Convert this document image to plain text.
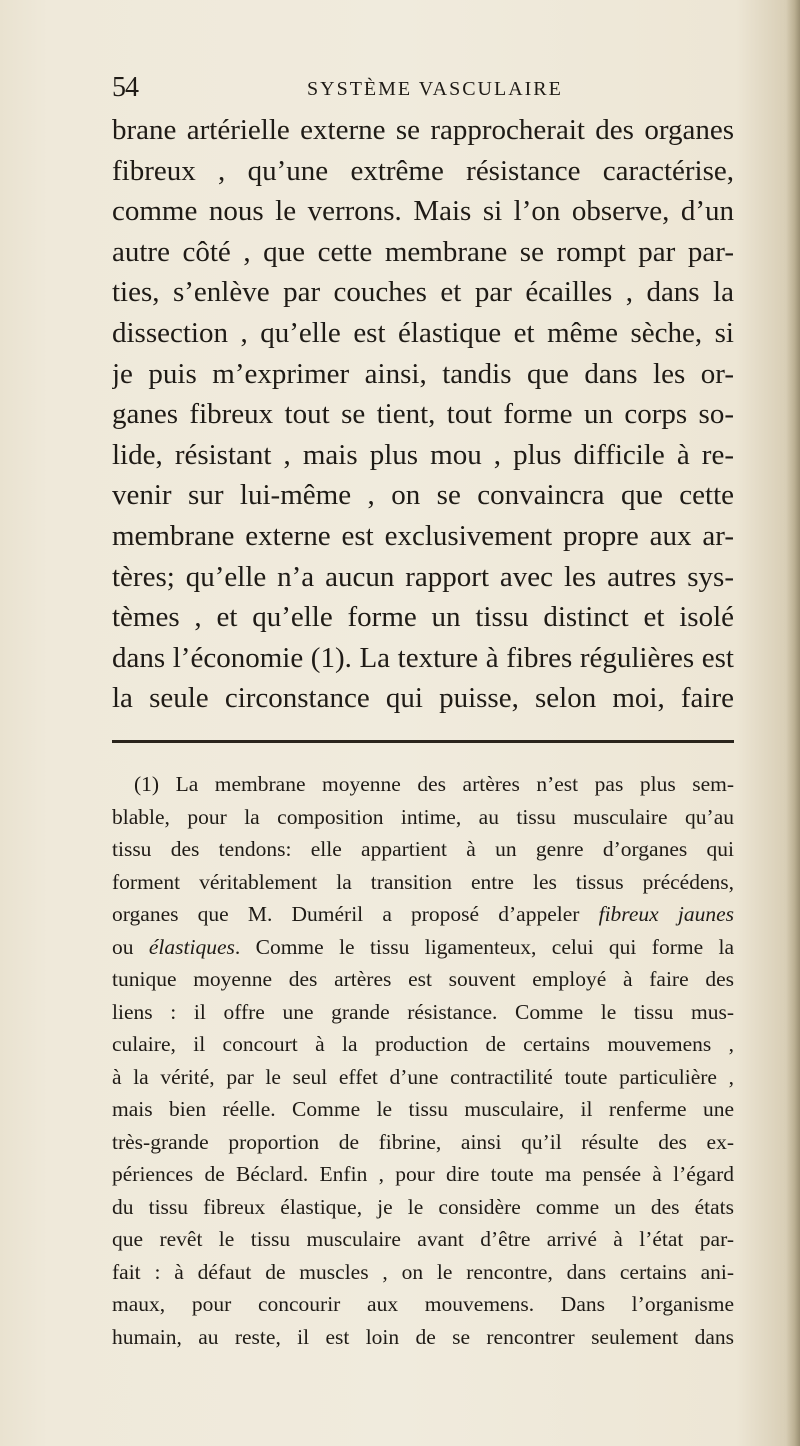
54	SYSTÈME VASCULAIRE
brane artérielle externe se rapprocherait des organes
fibreux , qu’une extrême résistance caractérise,
comme nous le verrons. Mais si l’on observe, d’un
autre côté , que cette membrane se rompt par par-
ties, s’enlève par couches et par écailles , dans la
dissection , qu’elle est élastique et même sèche, si
je puis m’exprimer ainsi, tandis que dans les or-
ganes fibreux tout se tient, tout forme un corps so-
lide, résistant , mais plus mou , plus difficile à re-
venir sur lui-même , on se convaincra que cette
membrane externe est exclusivement propre aux ar-
tères; qu’elle n’a aucun rapport avec les autres sys-
tèmes , et qu’elle forme un tissu distinct et isolé
dans l’économie (1). La texture à fibres régulières est
la seule circonstance qui puisse, selon moi, faire
(1) La membrane moyenne des artères n’est pas plus sem-
blable, pour la composition intime, au tissu musculaire qu’au
tissu des tendons: elle appartient à un genre d’organes qui
forment véritablement la transition entre les tissus précédens,
organes que M. Duméril a proposé d’appeler fibreux jaunes
ou élastiques. Comme le tissu ligamenteux, celui qui forme la
tunique moyenne des artères est souvent employé à faire des
liens : il offre une grande résistance. Comme le tissu mus-
culaire, il concourt à la production de certains mouvemens ,
à la vérité, par le seul effet d’une contractilité toute particulière ,
mais bien réelle. Comme le tissu musculaire, il renferme une
très-grande proportion de fibrine, ainsi qu’il résulte des ex-
périences de Béclard. Enfin , pour dire toute ma pensée à l’égard
du tissu fibreux élastique, je le considère comme un des états
que revêt le tissu musculaire avant d’être arrivé à l’état par-
fait : à défaut de muscles , on le rencontre, dans certains ani-
maux, pour concourir aux mouvemens. Dans l’organisme
humain, au reste, il est loin de se rencontrer seulement dans
